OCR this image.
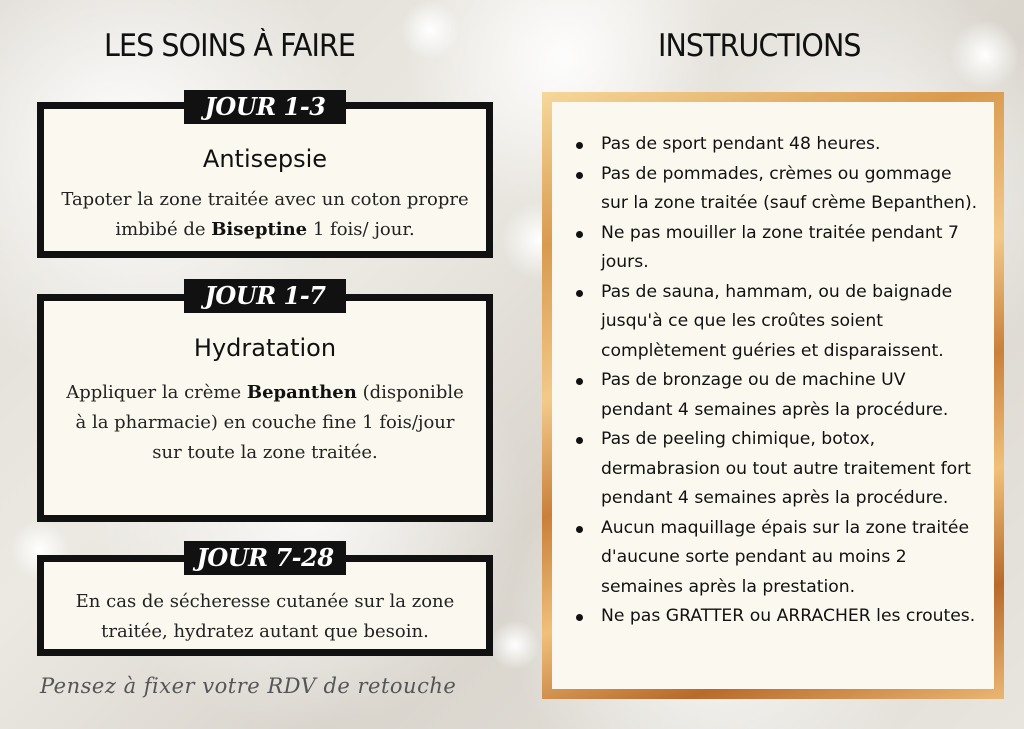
LES SOINS À FAIRE	INSTRUCTIONS
Antisepsie
Tapoter la zone traitée avec un coton propre
imbibé de Biseptine 1 fois/ jour.
JOUR 1-3
Hydratation
Appliquer la crème Bepanthen (disponible
à la pharmacie) en couche fine 1 fois/jour
sur toute la zone traitée.
JOUR 1-7
En cas de sécheresse cutanée sur la zone
traitée, hydratez autant que besoin.
JOUR 7-28
Pensez à fixer votre RDV de retouche
Pas de sport pendant 48 heures.
Pas de pommades, crèmes ou gommage sur la zone traitée (sauf crème Bepanthen).
Ne pas mouiller la zone traitée pendant 7 jours.
Pas de sauna, hammam, ou de baignade jusqu'à ce que les croûtes soient complètement guéries et disparaissent.
Pas de bronzage ou de machine UV pendant 4 semaines après la procédure.
Pas de peeling chimique, botox, dermabrasion ou tout autre traitement fort pendant 4 semaines après la procédure.
Aucun maquillage épais sur la zone traitée d'aucune sorte pendant au moins 2 semaines après la prestation.
Ne pas GRATTER ou ARRACHER les croutes.
